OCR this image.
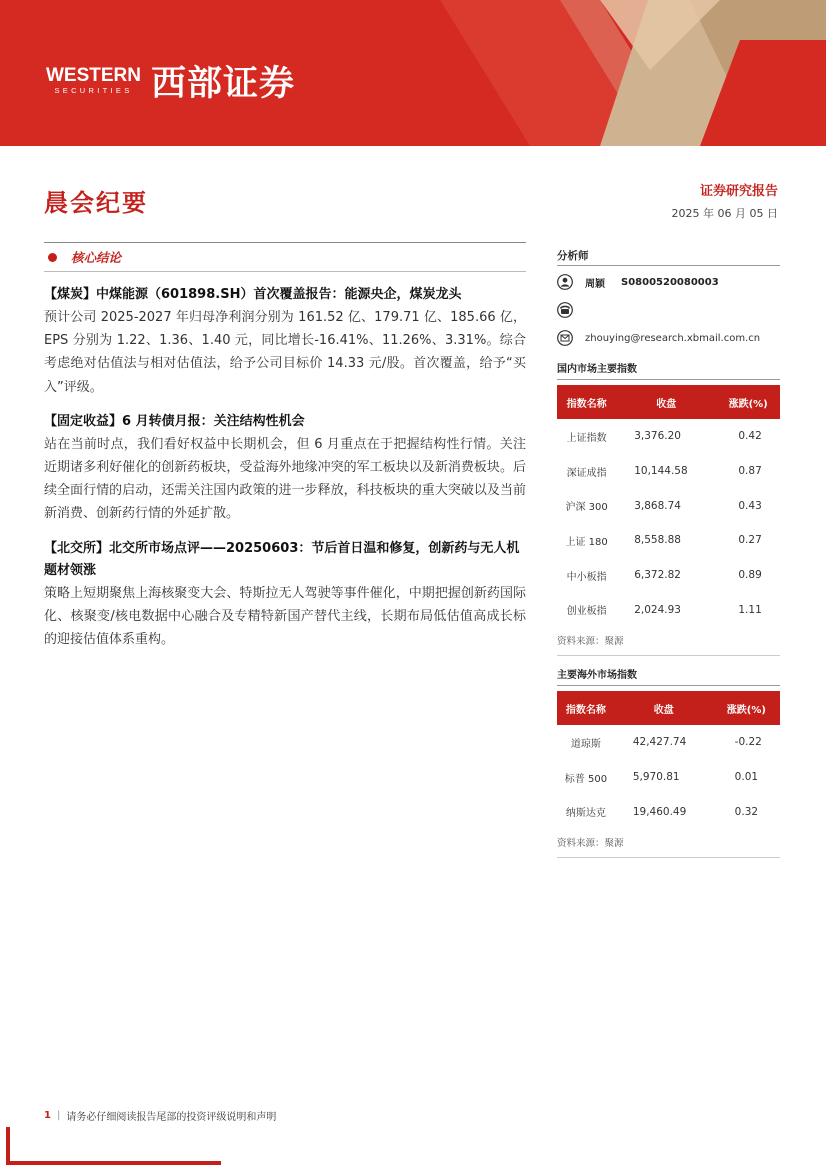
WESTERN
SECURITIES 西部证券
晨会纪要	证券研究报告
2025 年 06 月 05 日
核心结论
【煤炭】中煤能源（601898.SH）首次覆盖报告：能源央企，煤炭龙头
预计公司 2025-2027 年归母净利润分别为 161.52 亿、179.71 亿、185.66 亿，EPS 分别为 1.22、1.36、1.40 元，同比增长-16.41%、11.26%、3.31%。综合考虑绝对估值法与相对估值法，给予公司目标价 14.33 元/股。首次覆盖，给予“买入”评级。
【固定收益】6 月转债月报：关注结构性机会
站在当前时点，我们看好权益中长期机会，但 6 月重点在于把握结构性行情。关注近期诸多利好催化的创新药板块，受益海外地缘冲突的军工板块以及新消费板块。后续全面行情的启动，还需关注国内政策的进一步释放，科技板块的重大突破以及当前新消费、创新药行情的外延扩散。
【北交所】北交所市场点评——20250603：节后首日温和修复，创新药与无人机题材领涨
策略上短期聚焦上海核聚变大会、特斯拉无人驾驶等事件催化，中期把握创新药国际化、核聚变/核电数据中心融合及专精特新国产替代主线，长期布局低估值高成长标的迎接估值体系重构。
分析师
周颖 S0800520080003
zhouying@research.xbmail.com.cn
国内市场主要指数
指数名称	收盘	涨跌(%)
上证指数	3,376.20	0.42
深证成指	10,144.58	0.87
沪深 300	3,868.74	0.43
上证 180	8,558.88	0.27
中小板指	6,372.82	0.89
创业板指	2,024.93	1.11
资料来源：聚源
主要海外市场指数
指数名称	收盘	涨跌(%)
道琼斯	42,427.74	-0.22
标普 500	5,970.81	0.01
纳斯达克	19,460.49	0.32
资料来源：聚源
1 | 请务必仔细阅读报告尾部的投资评级说明和声明
